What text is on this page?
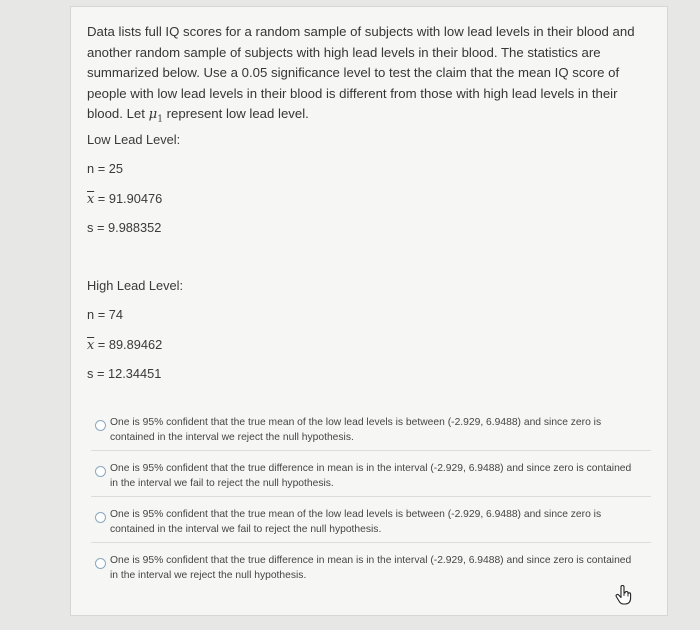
Data lists full IQ scores for a random sample of subjects with low lead levels in their blood and another random sample of subjects with high lead levels in their blood. The statistics are summarized below. Use a 0.05 significance level to test the claim that the mean IQ score of people with low lead levels in their blood is different from those with high lead levels in their blood. Let $\mu_1$ represent low lead level.
Low Lead Level:
n = 25
$\overline{x} = 91.90476$
s = 9.988352
High Lead Level:
n = 74
$\overline{x} = 89.89462$
s = 12.34451
One is 95% confident that the true mean of the low lead levels is between (-2.929, 6.9488) and since zero is contained in the interval we reject the null hypothesis.
One is 95% confident that the true difference in mean is in the interval (-2.929, 6.9488) and since zero is contained in the interval we fail to reject the null hypothesis.
One is 95% confident that the true mean of the low lead levels is between (-2.929, 6.9488) and since zero is contained in the interval we fail to reject the null hypothesis.
One is 95% confident that the true difference in mean is in the interval (-2.929, 6.9488) and since zero is contained in the interval we reject the null hypothesis.
